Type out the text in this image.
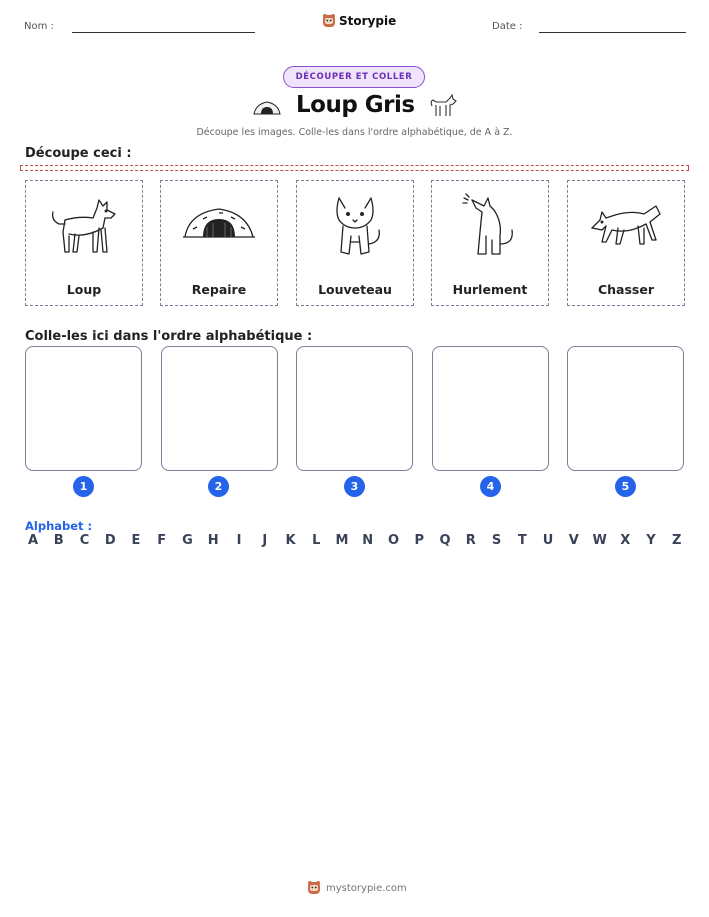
Nom :	Storypie	Date :
DÉCOUPER ET COLLER
Loup Gris
Découpe les images. Colle-les dans l'ordre alphabétique, de A à Z.
Découpe ceci :
Loup	Repaire	Louveteau	Hurlement	Chasser
Colle-les ici dans l'ordre alphabétique :
1	2	3	4	5
Alphabet :
A B C D E F G H	I	J	K L M N O P Q R S T U V W X Y Z
mystorypie.com
